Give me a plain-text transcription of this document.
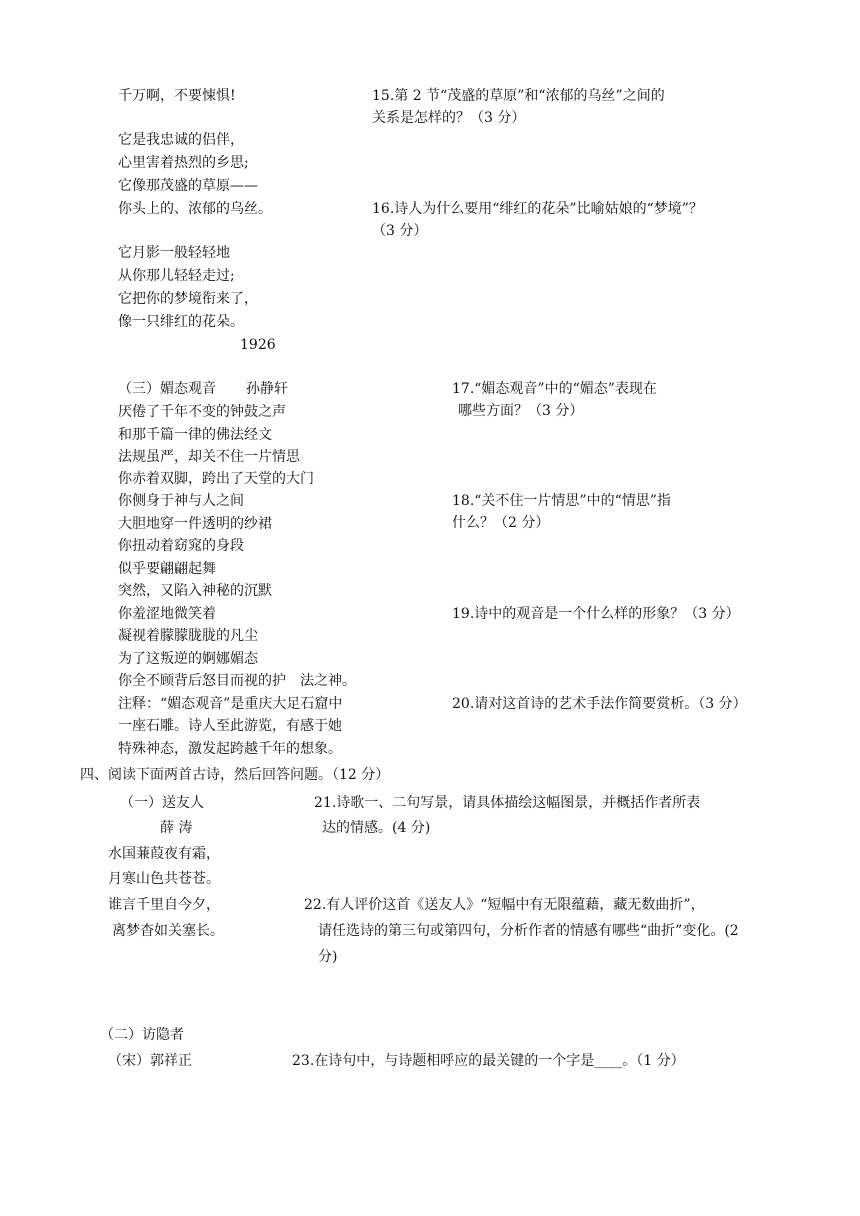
千万啊，不要悚惧!

它是我忠诚的侣伴，

心里害着热烈的乡思;

它像那茂盛的草原——

你头上的、浓郁的乌丝。

它月影一般轻轻地

从你那儿轻轻走过;

它把你的梦境衔来了，

像一只绯红的花朵。

1926

15.第 2 节“茂盛的草原”和“浓郁的乌丝”之间的

关系是怎样的？（3 分）

16.诗人为什么要用“绯红的花朵”比喻姑娘的“梦境”？

（3 分）

（三）媚态观音 孙静轩

厌倦了千年不变的钟鼓之声

和那千篇一律的佛法经文

法规虽严，却关不住一片情思

你赤着双脚，跨出了天堂的大门

你侧身于神与人之间

大胆地穿一件透明的纱裙

你扭动着窈窕的身段

似乎要翩翩起舞

突然，又陷入神秘的沉默

你羞涩地微笑着

凝视着朦朦胧胧的凡尘

为了这叛逆的婀娜媚态

你全不顾背后怒目而视的护　法之神。

注释：“媚态观音”是重庆大足石窟中

一座石雕。诗人至此游览，有感于她

特殊神态，激发起跨越千年的想象。

17.“媚态观音”中的“媚态”表现在

哪些方面？（3 分）

18.“关不住一片情思”中的“情思”指

什么？（2 分）

19.诗中的观音是一个什么样的形象？（3 分）

20.请对这首诗的艺术手法作简要赏析。（3 分）

四、阅读下面两首古诗，然后回答问题。（12 分）

（一）送友人

薛 涛

水国蒹葭夜有霜，

月寒山色共苍苍。

谁言千里自今夕，

离梦杳如关塞长。

21.诗歌一、二句写景，请具体描绘这幅图景，并概括作者所表

达的情感。(4 分)

22.有人评价这首《送友人》“短幅中有无限蕴藉，藏无数曲折”，

请任选诗的第三句或第四句，分析作者的情感有哪些“曲折”变化。(2

分)

（二）访隐者

（宋）郭祥正	23.在诗句中，与诗题相呼应的最关键的一个字是____。（1 分）
